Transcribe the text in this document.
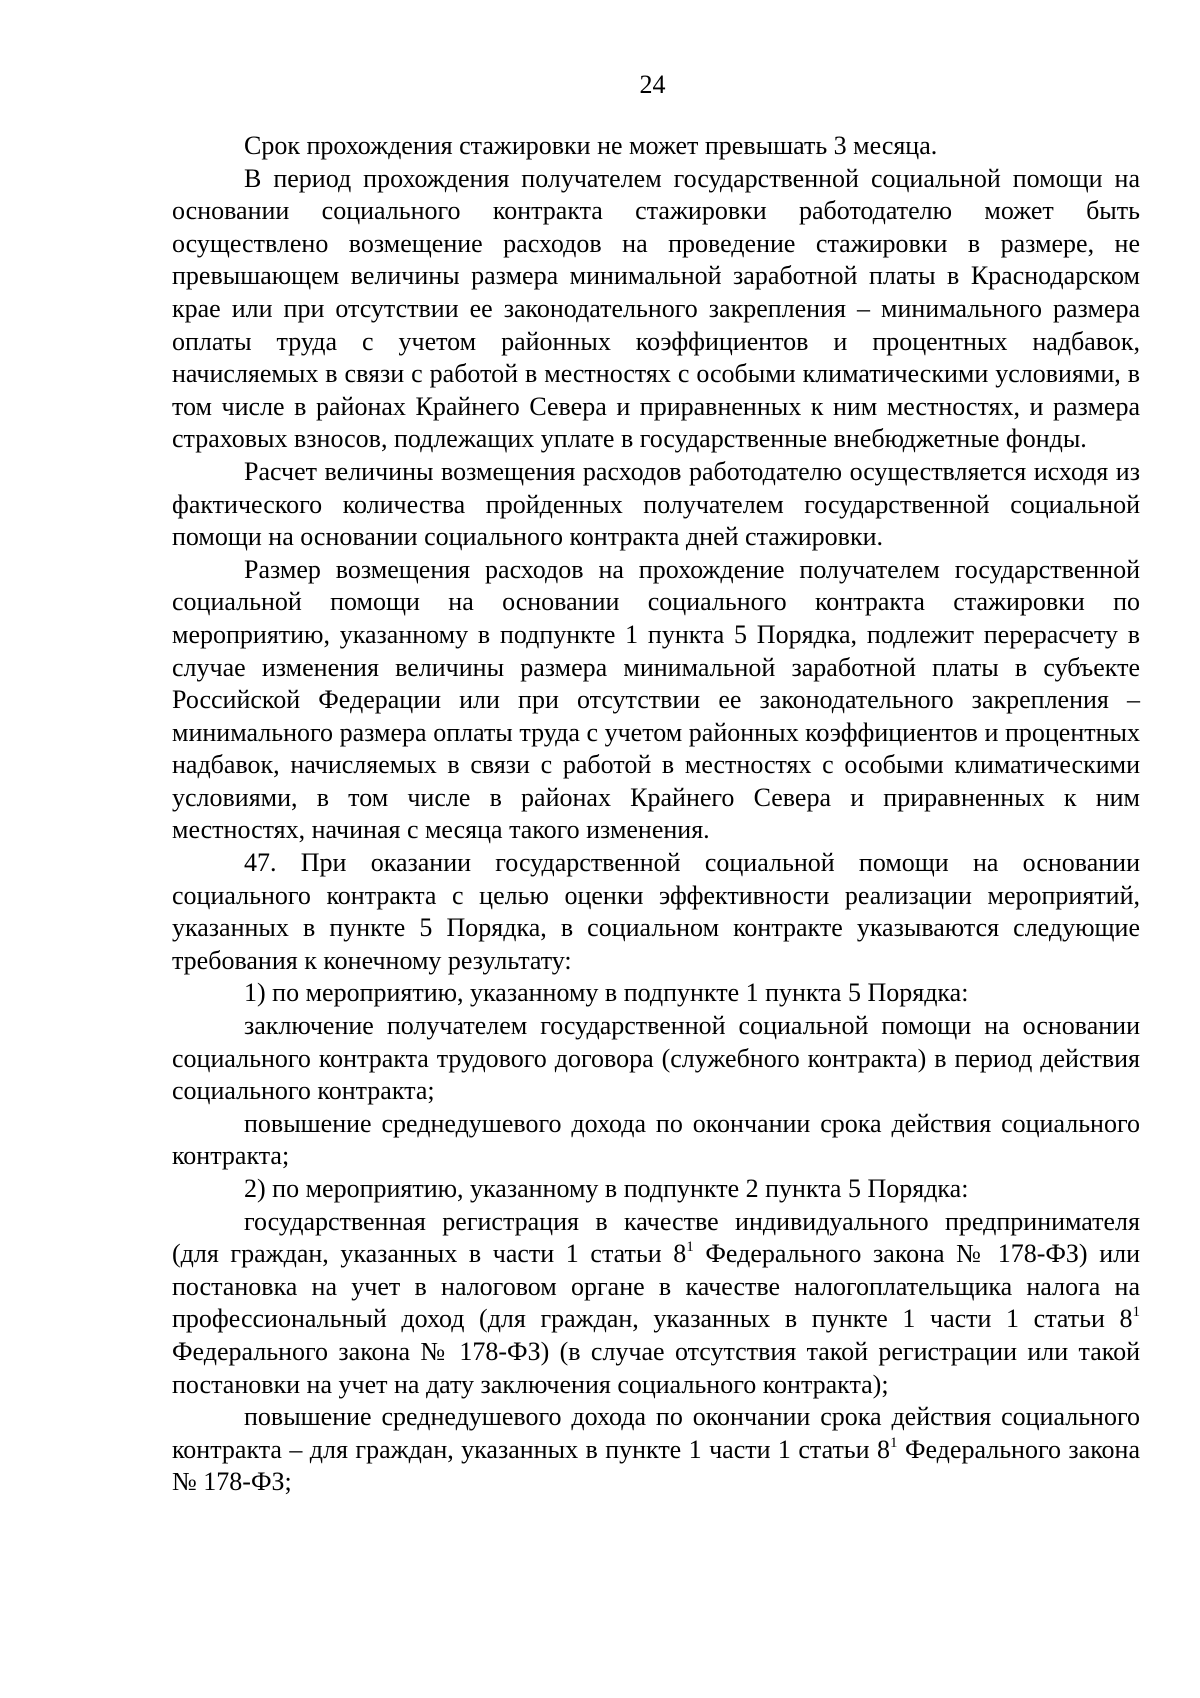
24

Срок прохождения стажировки не может превышать 3 месяца.

В период прохождения получателем государственной социальной помощи на основании социального контракта стажировки работодателю может быть осуществлено возмещение расходов на проведение стажировки в размере, не превышающем величины размера минимальной заработной платы в Краснодарском крае или при отсутствии ее законодательного закрепления – минимального размера оплаты труда с учетом районных коэффициентов и процентных надбавок, начисляемых в связи с работой в местностях с особыми климатическими условиями, в том числе в районах Крайнего Севера и приравненных к ним местностях, и размера страховых взносов, подлежащих уплате в государственные внебюджетные фонды.

Расчет величины возмещения расходов работодателю осуществляется исходя из фактического количества пройденных получателем государственной социальной помощи на основании социального контракта дней стажировки.

Размер возмещения расходов на прохождение получателем государственной социальной помощи на основании социального контракта стажировки по мероприятию, указанному в подпункте 1 пункта 5 Порядка, подлежит перерасчету в случае изменения величины размера минимальной заработной платы в субъекте Российской Федерации или при отсутствии ее законодательного закрепления – минимального размера оплаты труда с учетом районных коэффициентов и процентных надбавок, начисляемых в связи с работой в местностях с особыми климатическими условиями, в том числе в районах Крайнего Севера и приравненных к ним местностях, начиная с месяца такого изменения.

47. При оказании государственной социальной помощи на основании социального контракта с целью оценки эффективности реализации мероприятий, указанных в пункте 5 Порядка, в социальном контракте указываются следующие требования к конечному результату:

1) по мероприятию, указанному в подпункте 1 пункта 5 Порядка:

заключение получателем государственной социальной помощи на основании социального контракта трудового договора (служебного контракта) в период действия социального контракта;

повышение среднедушевого дохода по окончании срока действия социального контракта;

2) по мероприятию, указанному в подпункте 2 пункта 5 Порядка:

государственная регистрация в качестве индивидуального предпринимателя (для граждан, указанных в части 1 статьи $8^1$ Федерального закона № 178-ФЗ) или постановка на учет в налоговом органе в качестве налогоплательщика налога на профессиональный доход (для граждан, указанных в пункте 1 части 1 статьи $8^1$ Федерального закона № 178-ФЗ) (в случае отсутствия такой регистрации или такой постановки на учет на дату заключения социального контракта);

повышение среднедушевого дохода по окончании срока действия социального контракта – для граждан, указанных в пункте 1 части 1 статьи $8^1$ Федерального закона № 178-ФЗ;
